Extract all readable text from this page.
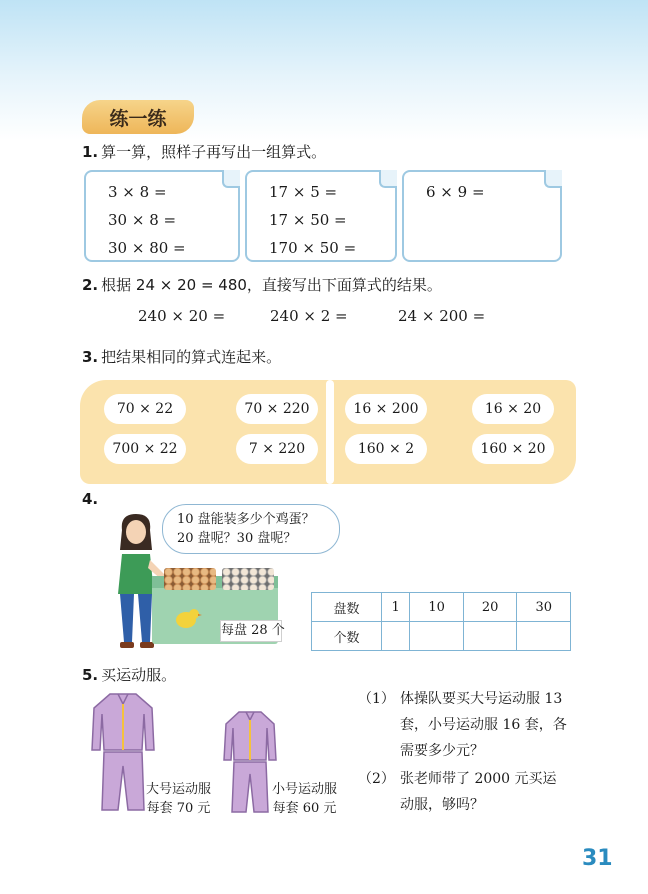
练一练
1. 算一算，照样子再写出一组算式。
3 × 8 =
30 × 8 =
30 × 80 =
17 × 5 =
17 × 50 =
170 × 50 =
6 × 9 =
2. 根据 24 × 20 = 480，直接写出下面算式的结果。
240 × 20 =	240 × 2 =	24 × 200 =
3. 把结果相同的算式连起来。
70 × 22	70 × 220	16 × 200	16 × 20
700 × 22	7 × 220	160 × 2	160 × 20
4.
10 盘能装多少个鸡蛋？
20 盘呢？30 盘呢？
每盘 28 个
盘数	1	10	20	30
个数				
5. 买运动服。
大号运动服
每套 70 元
小号运动服
每套 60 元
（1） 体操队要买大号运动服 13
套，小号运动服 16 套，各
需要多少元？
（2） 张老师带了 2000 元买运
动服，够吗？
31
